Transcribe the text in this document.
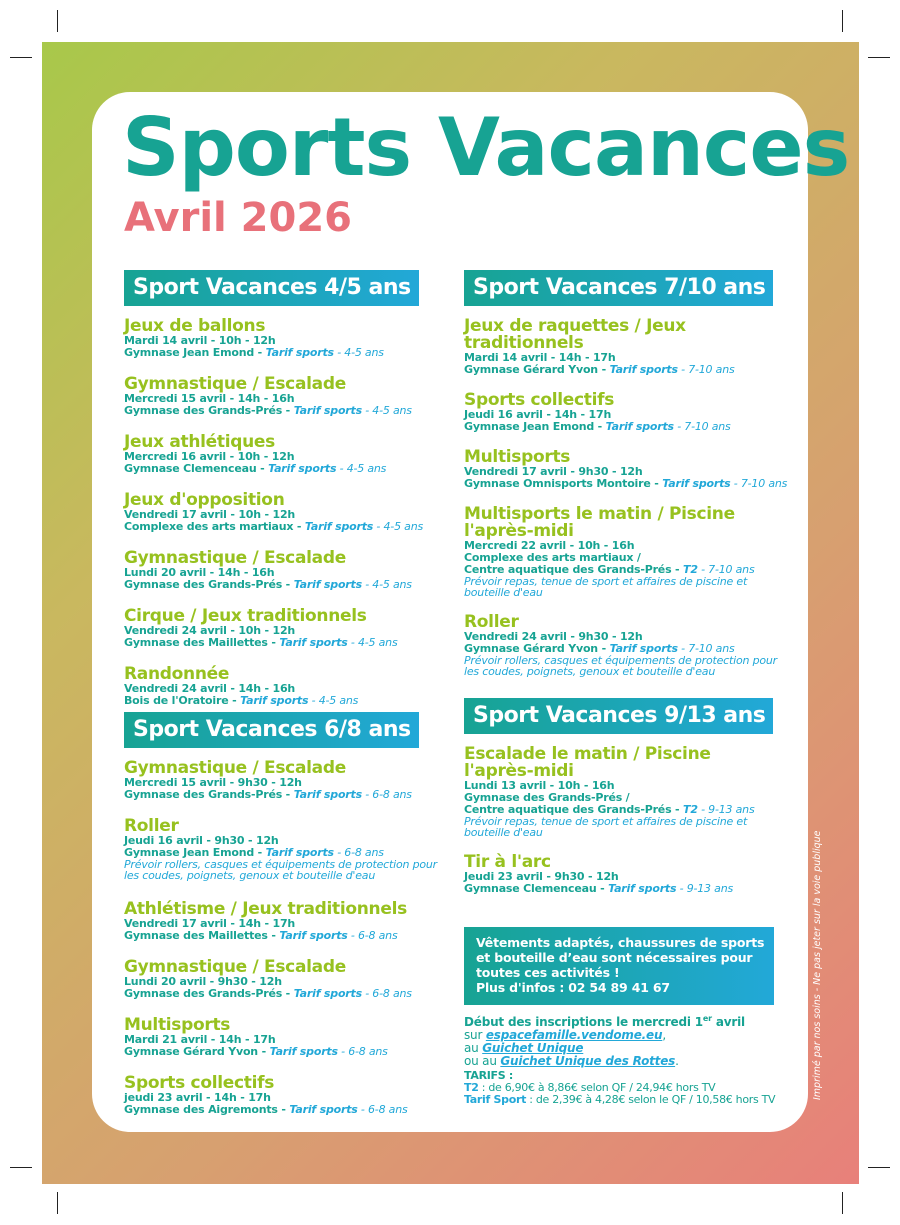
Sports Vacances
Avril 2026
Sport Vacances 4/5 ans
Jeux de ballons
Mardi 14 avril - 10h - 12h
Gymnase Jean Emond - Tarif sports - 4-5 ans
Gymnastique / Escalade
Mercredi 15 avril - 14h - 16h
Gymnase des Grands-Prés - Tarif sports - 4-5 ans
Jeux athlétiques
Mercredi 16 avril - 10h - 12h
Gymnase Clemenceau - Tarif sports - 4-5 ans
Jeux d'opposition
Vendredi 17 avril - 10h - 12h
Complexe des arts martiaux - Tarif sports - 4-5 ans
Gymnastique / Escalade
Lundi 20 avril - 14h - 16h
Gymnase des Grands-Prés - Tarif sports - 4-5 ans
Cirque / Jeux traditionnels
Vendredi 24 avril - 10h - 12h
Gymnase des Maillettes - Tarif sports - 4-5 ans
Randonnée
Vendredi 24 avril - 14h - 16h
Bois de l'Oratoire - Tarif sports - 4-5 ans
Sport Vacances 6/8 ans
Gymnastique / Escalade
Mercredi 15 avril - 9h30 - 12h
Gymnase des Grands-Prés - Tarif sports - 6-8 ans
Roller
Jeudi 16 avril - 9h30 - 12h
Gymnase Jean Emond - Tarif sports - 6-8 ans
Prévoir rollers, casques et équipements de protection pour les coudes, poignets, genoux et bouteille d'eau
Athlétisme / Jeux traditionnels
Vendredi 17 avril - 14h - 17h
Gymnase des Maillettes - Tarif sports - 6-8 ans
Gymnastique / Escalade
Lundi 20 avril - 9h30 - 12h
Gymnase des Grands-Prés - Tarif sports - 6-8 ans
Multisports
Mardi 21 avril - 14h - 17h
Gymnase Gérard Yvon - Tarif sports - 6-8 ans
Sports collectifs
jeudi 23 avril - 14h - 17h
Gymnase des Aigremonts - Tarif sports - 6-8 ans
Sport Vacances 7/10 ans
Jeux de raquettes / Jeux traditionnels
Mardi 14 avril - 14h - 17h
Gymnase Gérard Yvon - Tarif sports - 7-10 ans
Sports collectifs
Jeudi 16 avril - 14h - 17h
Gymnase Jean Emond - Tarif sports - 7-10 ans
Multisports
Vendredi 17 avril - 9h30 - 12h
Gymnase Omnisports Montoire - Tarif sports - 7-10 ans
Multisports le matin / Piscine l'après-midi
Mercredi 22 avril - 10h - 16h
Complexe des arts martiaux /
Centre aquatique des Grands-Prés - T2 - 7-10 ans
Prévoir repas, tenue de sport et affaires de piscine et bouteille d'eau
Roller
Vendredi 24 avril - 9h30 - 12h
Gymnase Gérard Yvon - Tarif sports - 7-10 ans
Prévoir rollers, casques et équipements de protection pour les coudes, poignets, genoux et bouteille d'eau
Sport Vacances 9/13 ans
Escalade le matin / Piscine l'après-midi
Lundi 13 avril - 10h - 16h
Gymnase des Grands-Prés /
Centre aquatique des Grands-Prés - T2 - 9-13 ans
Prévoir repas, tenue de sport et affaires de piscine et bouteille d'eau
Tir à l'arc
Jeudi 23 avril - 9h30 - 12h
Gymnase Clemenceau - Tarif sports - 9-13 ans
Vêtements adaptés, chaussures de sports
et bouteille d’eau sont nécessaires pour
toutes ces activités !
Plus d'infos : 02 54 89 41 67
Début des inscriptions le mercredi 1er avril
sur espacefamille.vendome.eu,
au Guichet Unique
ou au Guichet Unique des Rottes.
TARIFS :
T2 : de 6,90€ à 8,86€ selon QF / 24,94€ hors TV
Tarif Sport : de 2,39€ à 4,28€ selon le QF / 10,58€ hors TV	Imprimé par nos soins - Ne pas jeter sur la voie publique
